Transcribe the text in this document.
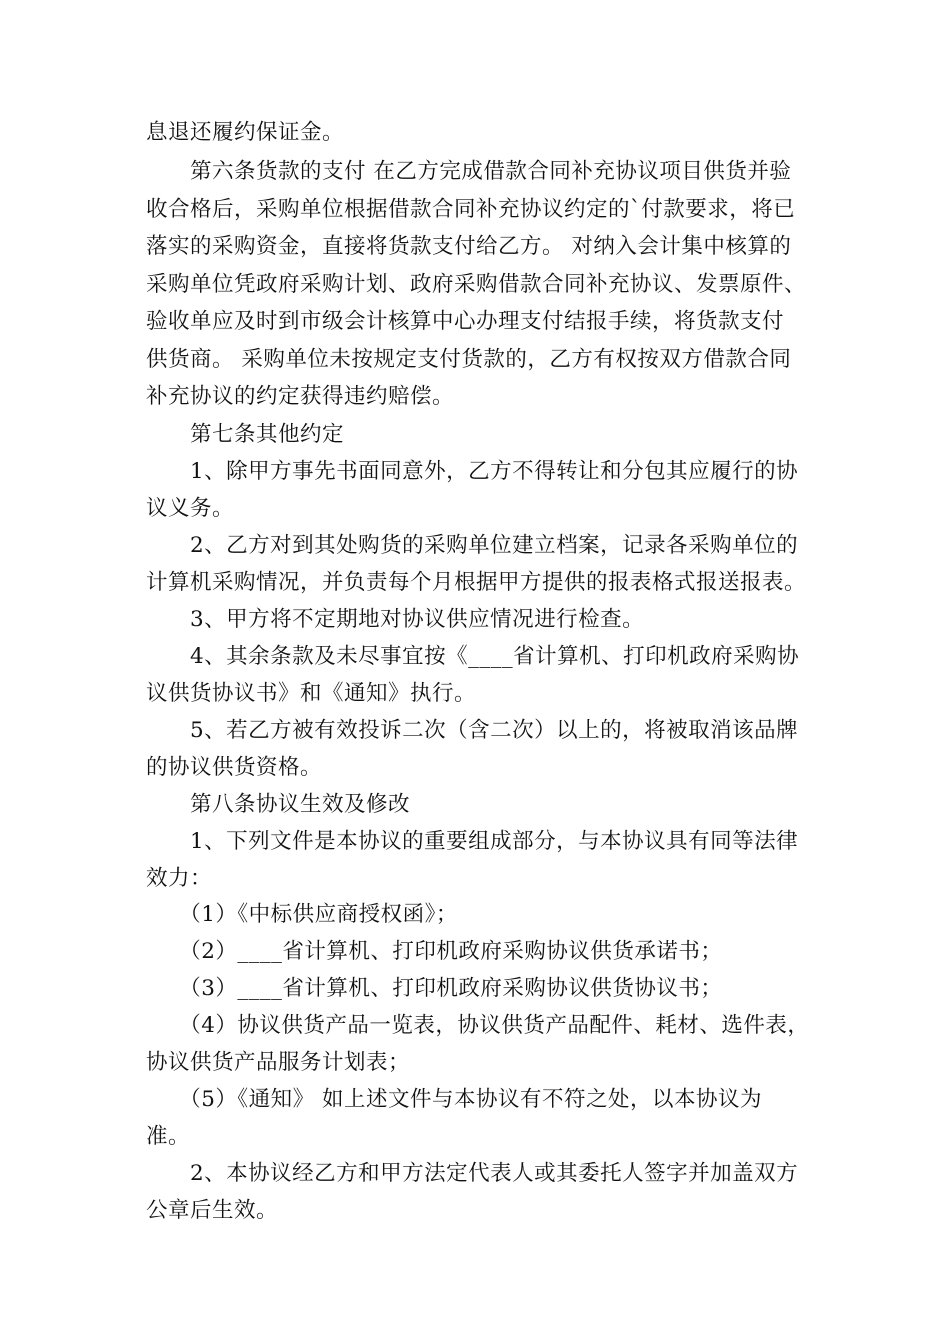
息退还履约保证金。
　　第六条货款的支付 在乙方完成借款合同补充协议项目供货并验
收合格后，采购单位根据借款合同补充协议约定的`付款要求，将已
落实的采购资金，直接将货款支付给乙方。 对纳入会计集中核算的
采购单位凭政府采购计划、政府采购借款合同补充协议、发票原件、
验收单应及时到市级会计核算中心办理支付结报手续，将货款支付
供货商。 采购单位未按规定支付货款的，乙方有权按双方借款合同
补充协议的约定获得违约赔偿。
　　第七条其他约定
　　1、除甲方事先书面同意外，乙方不得转让和分包其应履行的协
议义务。
　　2、乙方对到其处购货的采购单位建立档案，记录各采购单位的
计算机采购情况，并负责每个月根据甲方提供的报表格式报送报表。
　　3、甲方将不定期地对协议供应情况进行检查。
　　4、其余条款及未尽事宜按《____省计算机、打印机政府采购协
议供货协议书》和《通知》执行。
　　5、若乙方被有效投诉二次（含二次）以上的，将被取消该品牌
的协议供货资格。
　　第八条协议生效及修改
　　1、下列文件是本协议的重要组成部分，与本协议具有同等法律
效力：
　　（1）《中标供应商授权函》；
　　（2）____省计算机、打印机政府采购协议供货承诺书；
　　（3）____省计算机、打印机政府采购协议供货协议书；
　　（4）协议供货产品一览表，协议供货产品配件、耗材、选件表，
协议供货产品服务计划表；
　　（5）《通知》 如上述文件与本协议有不符之处，以本协议为
准。
　　2、本协议经乙方和甲方法定代表人或其委托人签字并加盖双方
公章后生效。
